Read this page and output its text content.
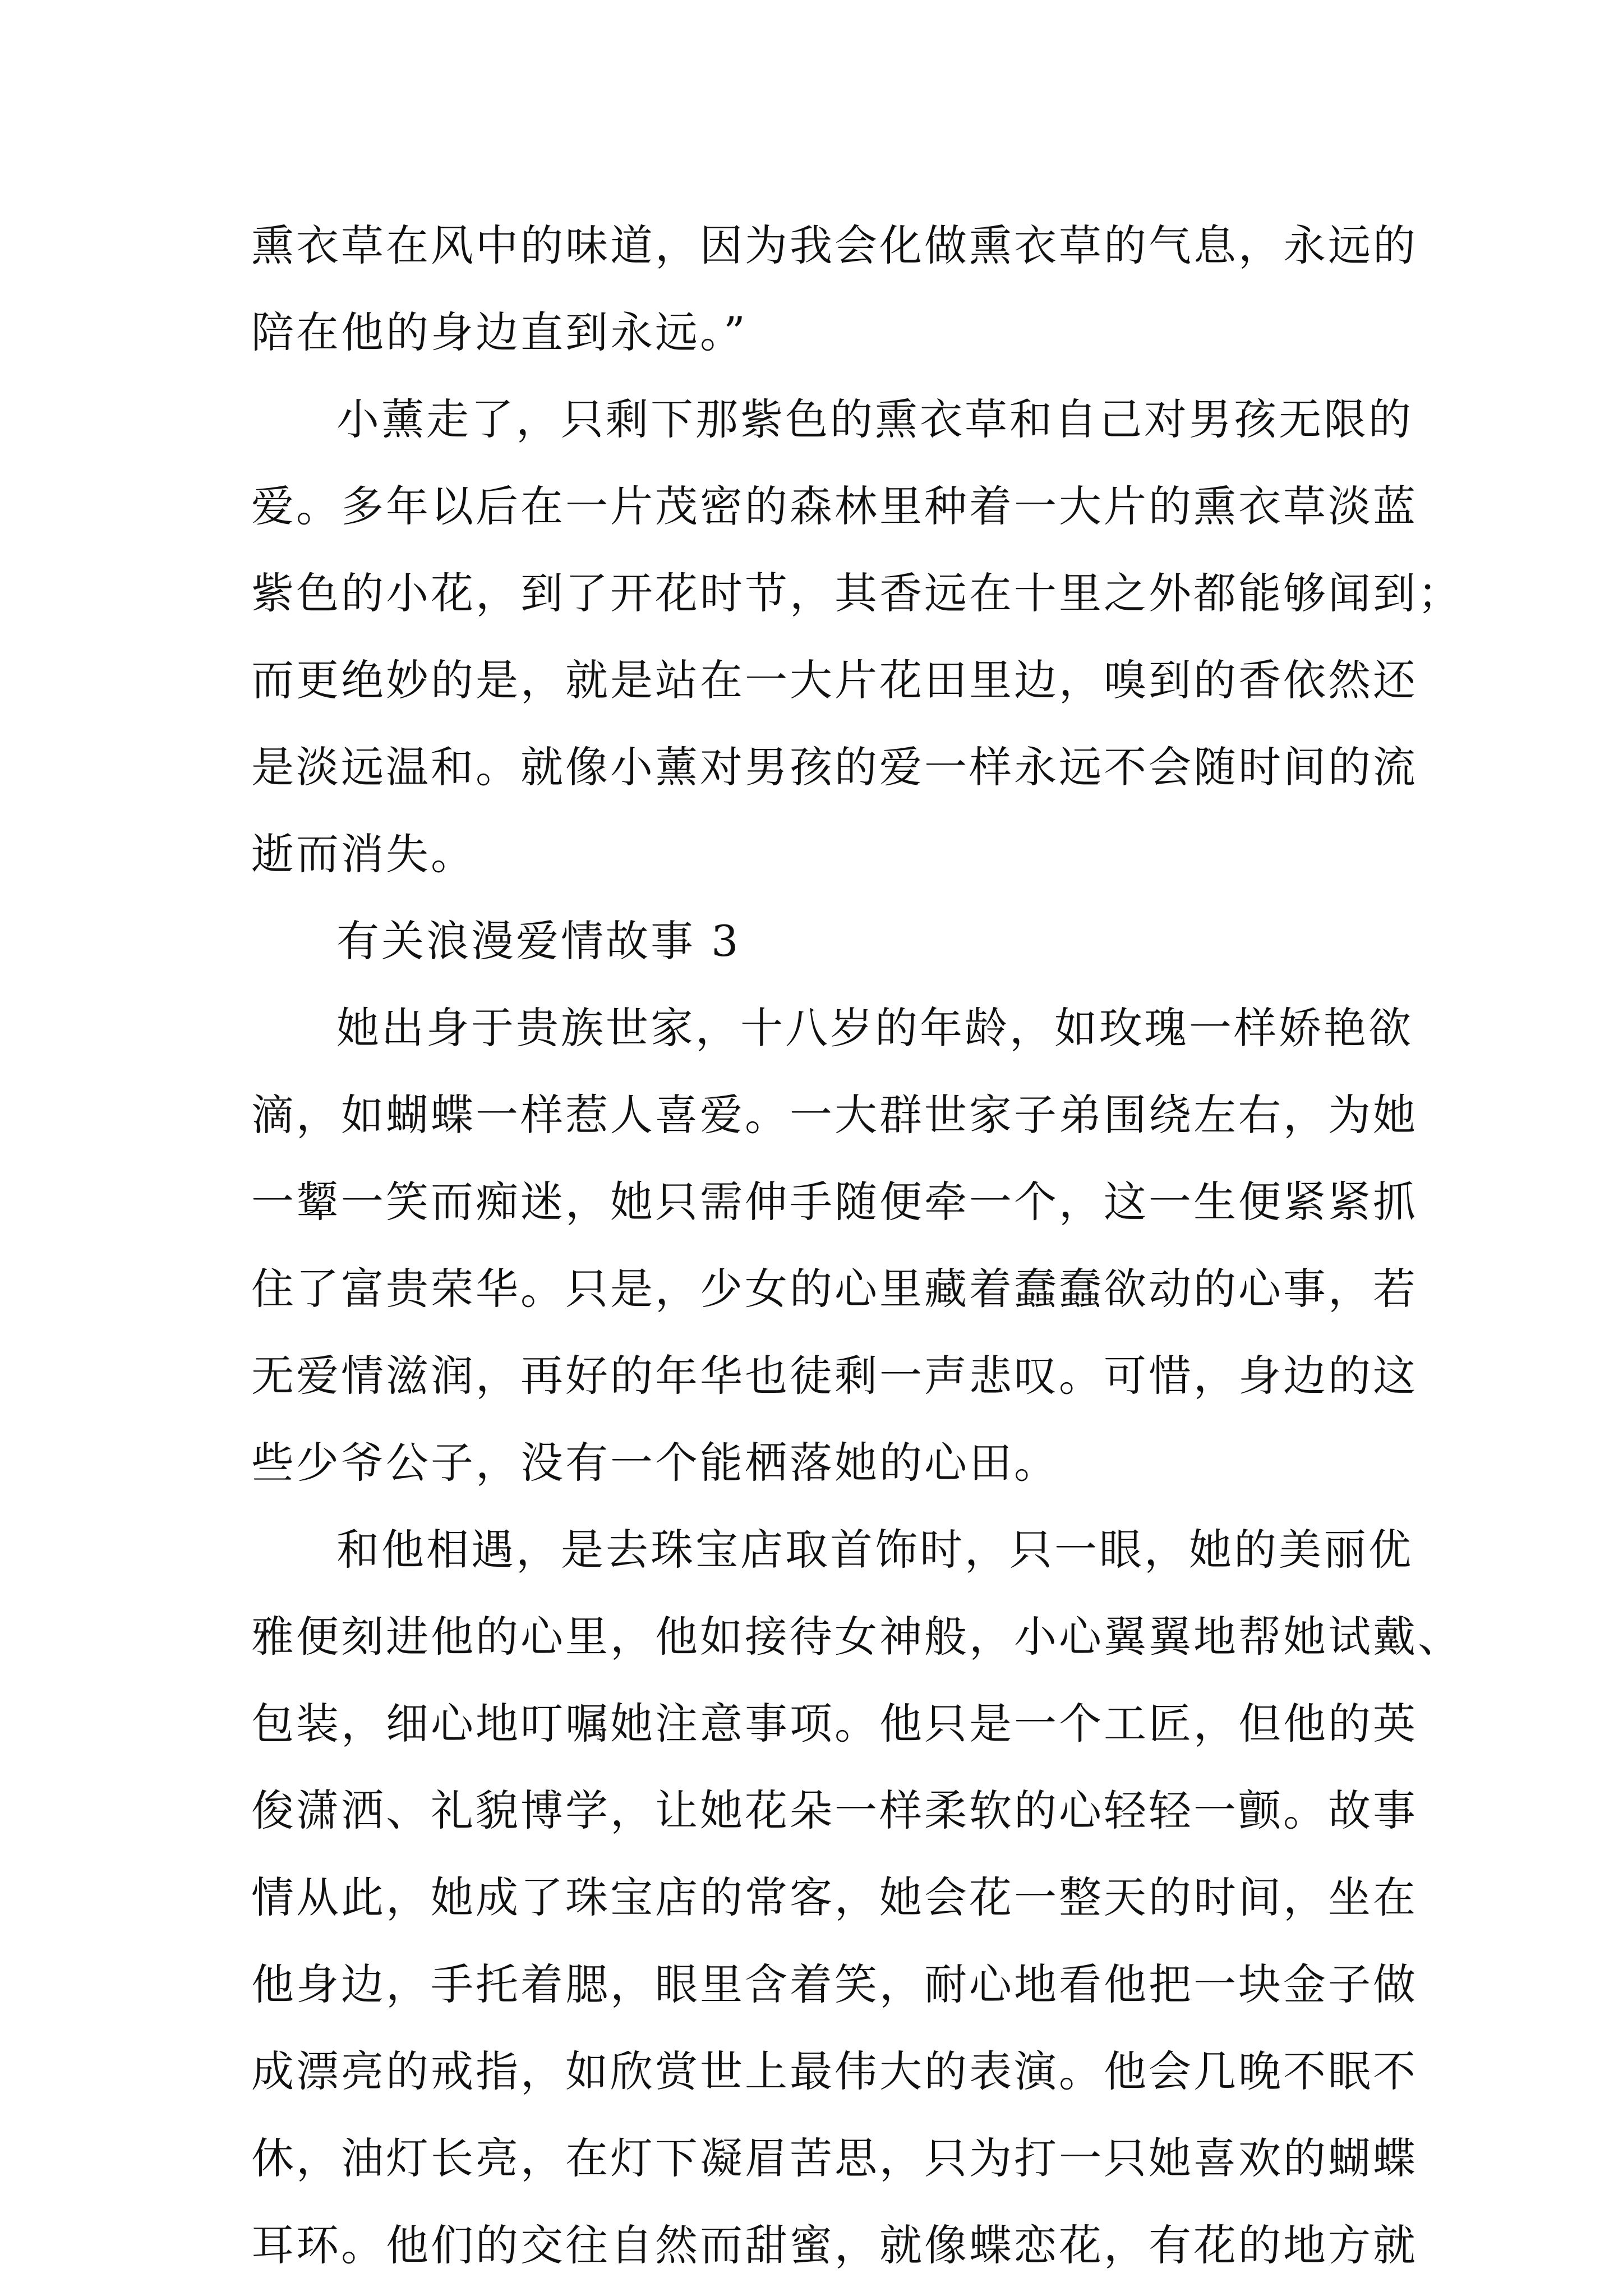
熏衣草在风中的味道，因为我会化做熏衣草的气息，永远的
陪在他的身边直到永远。”
小薰走了，只剩下那紫色的熏衣草和自己对男孩无限的
爱。多年以后在一片茂密的森林里种着一大片的熏衣草淡蓝
紫色的小花，到了开花时节，其香远在十里之外都能够闻到；
而更绝妙的是，就是站在一大片花田里边，嗅到的香依然还
是淡远温和。就像小薰对男孩的爱一样永远不会随时间的流
逝而消失。
有关浪漫爱情故事 3
她出身于贵族世家，十八岁的年龄，如玫瑰一样娇艳欲
滴，如蝴蝶一样惹人喜爱。一大群世家子弟围绕左右，为她
一颦一笑而痴迷，她只需伸手随便牵一个，这一生便紧紧抓
住了富贵荣华。只是，少女的心里藏着蠢蠢欲动的心事，若
无爱情滋润，再好的年华也徒剩一声悲叹。可惜，身边的这
些少爷公子，没有一个能栖落她的心田。
和他相遇，是去珠宝店取首饰时，只一眼，她的美丽优
雅便刻进他的心里，他如接待女神般，小心翼翼地帮她试戴、
包装，细心地叮嘱她注意事项。他只是一个工匠，但他的英
俊潇洒、礼貌博学，让她花朵一样柔软的心轻轻一颤。故事
情从此，她成了珠宝店的常客，她会花一整天的时间，坐在
他身边，手托着腮，眼里含着笑，耐心地看他把一块金子做
成漂亮的戒指，如欣赏世上最伟大的表演。他会几晚不眠不
休，油灯长亮，在灯下凝眉苦思，只为打一只她喜欢的蝴蝶
耳环。他们的交往自然而甜蜜，就像蝶恋花，有花的地方就
